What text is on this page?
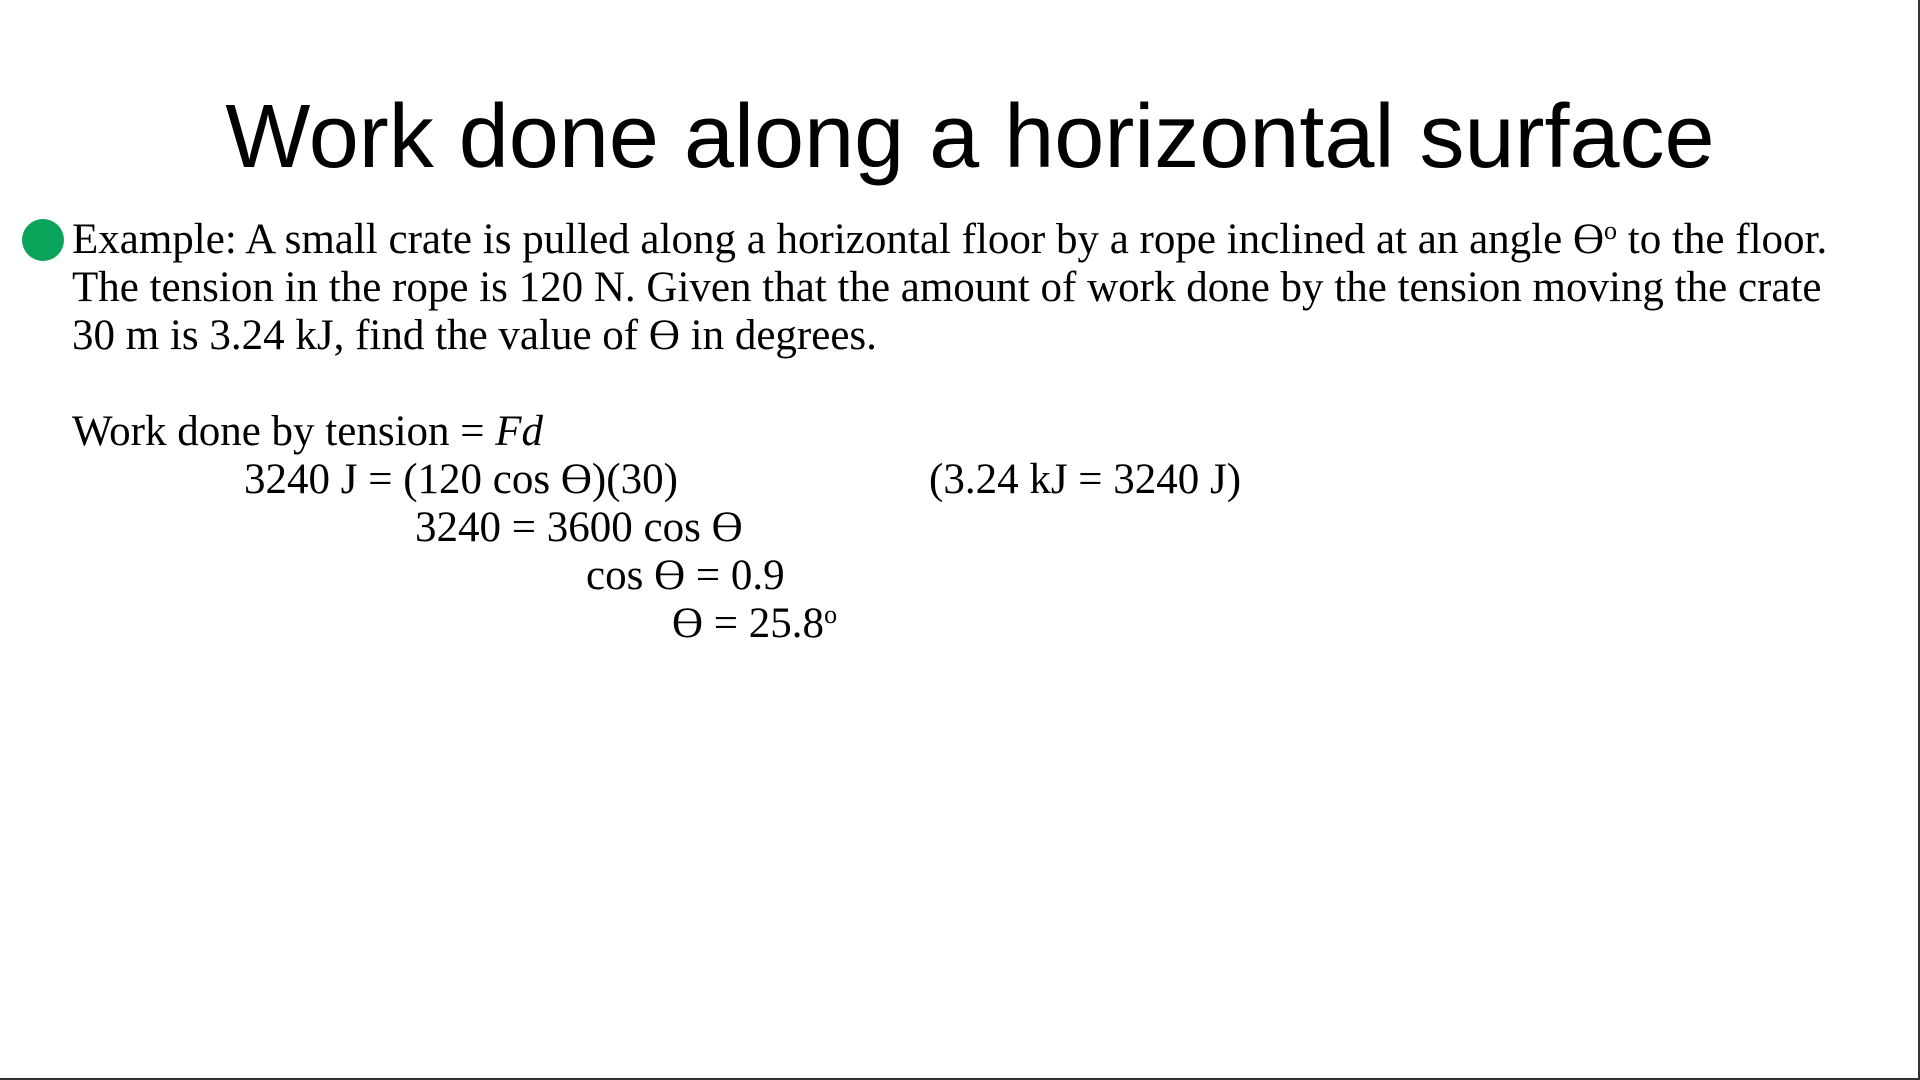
Work done along a horizontal surface
Example: A small crate is pulled along a horizontal floor by a rope inclined at an angle $ϴ^o$ to the floor.
The tension in the rope is 120 N. Given that the amount of work done by the tension moving the crate
30 m is 3.24 kJ, find the value of ϴ in degrees.
Work done by tension = Fd
3240 J = (120 cos ϴ)(30)	(3.24 kJ = 3240 J)
3240 = 3600 cos ϴ
cos ϴ = 0.9
$ϴ = 25.8^o$
